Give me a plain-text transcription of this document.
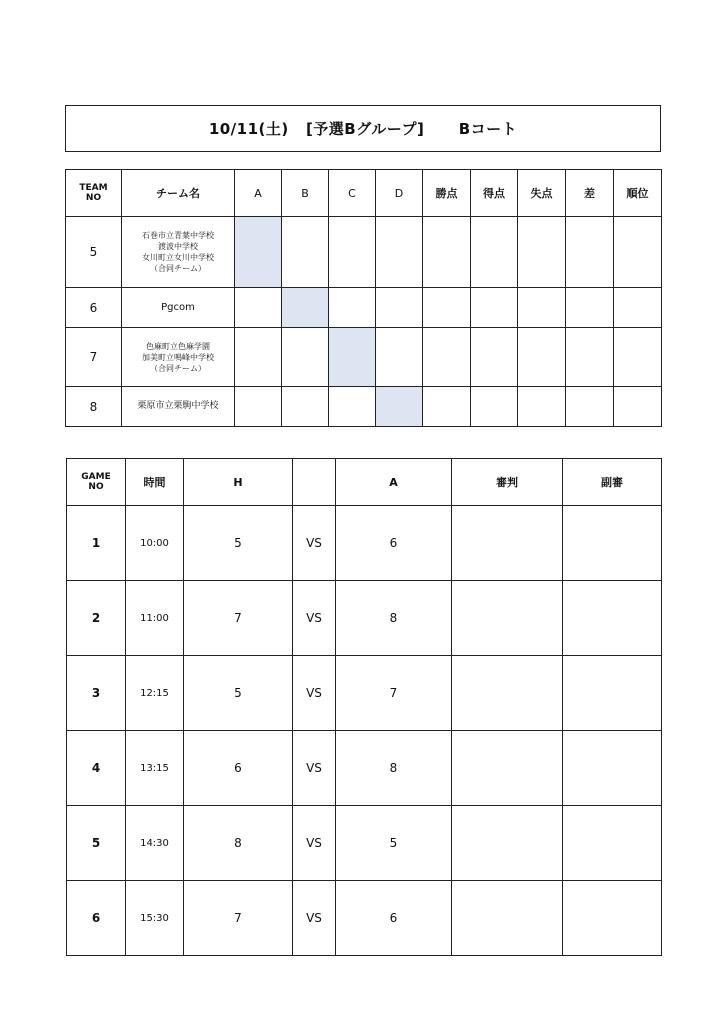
10/11(土)
[予選Bグループ]
Bコート
TEAM
NO	チーム名	A	B	C	D	勝点	得点	失点	差	順位
5	石巻市立青葉中学校
渡波中学校
女川町立女川中学校
（合同チーム）									

6	Pgcom									

7	色麻町立色麻学園
加美町立鳴峰中学校
（合同チーム）									

8	栗原市立栗駒中学校									

GAME
NO	時間	H		A	審判	副審
1	10:00	5	VS	6		
2	11:00	7	VS	8		
3	12:15	5	VS	7		
4	13:15	6	VS	8		
5	14:30	8	VS	5		
6	15:30	7	VS	6		
